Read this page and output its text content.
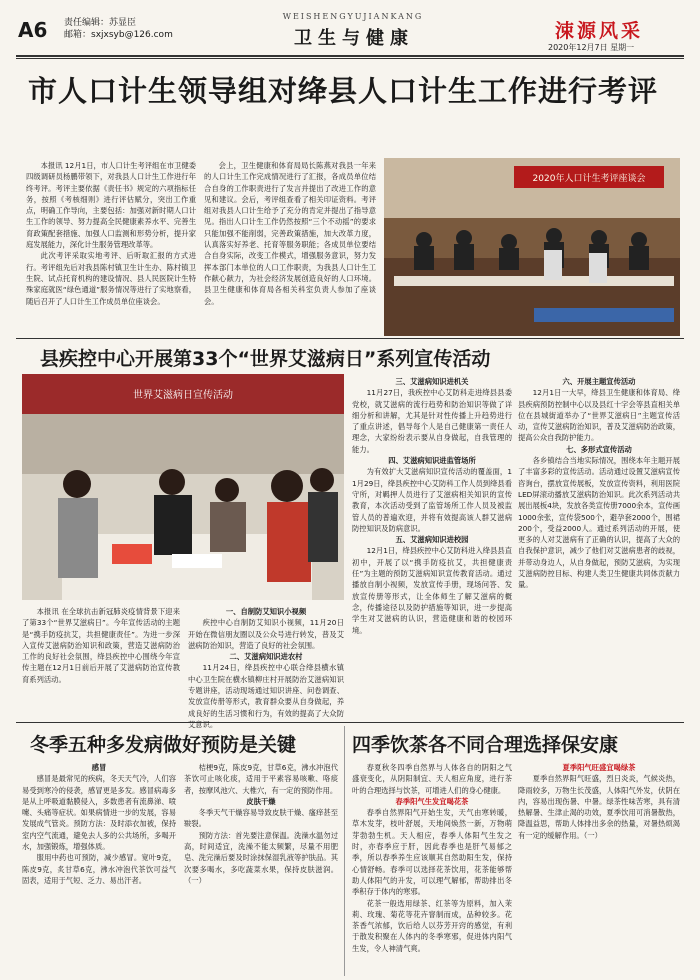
A6 责任编辑：苏显臣
邮箱：sxjxsyb@126.com
WEISHENGYUJIANKANG
卫生与健康	涑源风采
2020年12月7日 星期一
市人口计生领导组对绛县人口计生工作进行考评

本报讯 12月1日，市人口计生考评组在市卫健委四级调研员杨鹏带领下，对我县人口计生工作进行年终考评。考评主要依据《责任书》规定的六项指标任务，按照《考核细则》进行评估赋分，突出工作重点，明确工作导向，主要包括：加强对新时期人口计生工作的领导、努力提高全民健康素养水平、完善生育政策配套措施、加强人口监测和形势分析，提升家庭发展能力，深化计生服务管理改革等。

此次考评采取实地考评、后听取汇报的方式进行。考评组先后对我县陈村镇卫生计生办、陈村镇卫生院、试点托育机构的建设情况、县人民医院计生特殊家庭就医“绿色通道”服务情况等进行了实地察看，随后召开了人口计生工作成员单位座谈会。

会上，卫生健康和体育局局长陈燕对我县一年来的人口计生工作完成情况进行了汇报，各成员单位结合自身的工作职责进行了发言并提出了改进工作的意见和建议。会后，考评组查看了相关印证资料。考评组对我县人口计生给予了充分的肯定并提出了指导意见。指出人口计生工作仍然按照“三个不动摇”的要求只能加强不能削弱，完善政策措施，加大改革力度，认真落实好养老、托育等服务职能；各成员单位要结合自身实际，改变工作模式，增强服务意识，努力发挥本部门本单位的人口工作职责，为我县人口计生工作献心献力，为社会经济发展创造良好的人口环境。县卫生健康和体育局各相关科室负责人参加了座谈会。

2020年人口计生考评座谈会
县疾控中心开展第33个“世界艾滋病日”系列宣传活动
世界艾滋病日宣传活动

本报讯 在全球抗击新冠肺炎疫情背景下迎来了第33个“世界艾滋病日”。今年宣传活动的主题是“携手防疫抗艾，共担健康责任”。为进一步深入宣传艾滋病防治知识和政策，营造艾滋病防治工作的良好社会氛围，绛县疾控中心围绕今年宣传主题在12月1日前后开展了艾滋病防治宣传教育系列活动。

一、自制防艾知识小视频

疾控中心自制防艾知识小视频，11月20日开始在微信朋友圈以及公众号进行转发，普及艾滋病防治知识，营造了良好的社会氛围。

二、艾滋病知识进农村

11月24日，绛县疾控中心联合绛县横水镇中心卫生院在横水镇柳庄村开展防治艾滋病知识专题讲座，活动现场通过知识讲座、问卷调查、发放宣传册等形式，教育群众要从自身做起，养成良好的生活习惯和行为，有效的提高了大众防艾意识。

三、艾滋病知识进机关

11月27日，我疾控中心艾防科走进绛县县委党校，就艾滋病的流行趋势和防治知识等做了详细分析和讲解，尤其是针对性传播上升趋势进行了重点讲述，倡导每个人是自己健康第一责任人理念，大家纷纷表示要从自身做起，自我管理的能力。

四、艾滋病知识进监管场所

为有效扩大艾滋病知识宣传活动的覆盖面，11月29日，绛县疾控中心艾防科工作人员到绛县看守所，对羁押人员进行了艾滋病相关知识的宣传教育，本次活动受到了监管场所工作人员及被监管人员的普遍欢迎，并将有效提高该人群艾滋病防控知识及防病意识。

五、艾滋病知识进校园

12月1日，绛县疾控中心艾防科进入绛县县直初中，开展了以“携手防疫抗艾，共担健康责任”为主题的预防艾滋病知识宣传教育活动。通过播放自制小视频，发放宣传手册，现场问答、发放宣传册等形式，让全体师生了解艾滋病的概念，传播途径以及防护措施等知识，进一步提高学生对艾滋病的认识，营造健康和谐的校园环境。

六、开展主题宣传活动

12月1日一大早，绛县卫生健康和体育局、绛县疾病预防控制中心以及县红十字会等县直相关单位在县城街道举办了“世界艾滋病日”主题宣传活动，宣传艾滋病防治知识，普及艾滋病防治政策，提高公众自我防护能力。

七、多形式宣传活动

各乡镇结合当地实际情况，围绕本年主题开展了丰富多彩的宣传活动。活动通过设置艾滋病宣传咨询台，摆放宣传展板，发放宣传资料，利用医院LED屏滚动播放艾滋病防治知识。此次系列活动共展出展板4块，发放各类宣传册7000余本，宣传画1000余张，宣传袋500个，避孕套2000个，围裙200个，受益2000人。通过系列活动的开展，使更多的人对艾滋病有了正确的认识，提高了大众的自我保护意识，减少了他们对艾滋病患者的歧视，并带动身边人，从自身做起，预防艾滋病，为实现艾滋病防控目标、构建人类卫生健康共同体贡献力量。

冬季五种多发病做好预防是关键

感冒

感冒是最常见的疾病，冬天天气冷，人们容易受到寒冷的侵袭，感冒更是多发。感冒病毒多是从上呼吸道黏膜侵入，多数患者有流鼻涕、喷嚏、头痛等症状。如果病情进一步的发展，容易发展成气管炎。预防方法：及时添衣加被，保持室内空气流通，避免去人多的公共场所，多喝开水，加强锻炼，增强体质。

服用中药也可预防，减少感冒。宽叶9克，陈皮9克，炙甘草6克，沸水冲泡代茶饮可益气固表，适用于气短、乏力、易出汗者。

桔梗9克，陈皮9克，甘草6克，沸水冲泡代茶饮可止咳化痰，适用于平素容易咳嗽、咯痰者，按摩风池穴、大椎穴，有一定的预防作用。

皮肤干燥

冬季天气干燥容易导致皮肤干燥、瘙痒甚至皲裂。

预防方法：首先要注意保温。洗澡水温勿过高，时间适宜，洗澡不能太频繁，尽量不用肥皂、洗完澡后要及时涂抹保湿乳液等护肤品。其次要多喝水，多吃蔬菜水果，保持皮肤滋润。（一）

四季饮茶各不同合理选择保安康

春夏秋冬四季自然界与人体各自的阴阳之气盛衰变化，从阴阳制宜、天人相应角度，进行茶叶的合理选择与饮茶，可增进人们的身心健康。

春季阳气生发宜喝花茶

春季自然界阳气开始生发，天气由寒转暖，草木发芽，枝叶舒展，天地间焕然一新，万物萌芽勃勃生机。天人相应，春季人体阳气生发之时，亦春季应于肝，因此春季也是肝气易郁之季，所以春季养生应该顺其自然助阳生发，保持心情舒畅。春季可以选择花茶饮用，花茶能够帮助人体阳气的升发，可以理气解郁，帮助排出冬季积存于体内的寒邪。

花茶一般选用绿茶、红茶等为原料，加入茉莉、玫瑰、菊花等花卉窨制而成，品种较多。花茶香气浓郁，饮后给人以芬芳开窍的感觉，有利于散发积聚在人体内的冬季寒邪，促进体内阳气生发，令人神清气爽。

夏季阳气旺盛宜喝绿茶

夏季自然界阳气旺盛，烈日炎炎，气候炎热，降雨较多，万物生长茂盛，人体阳气外发，伏阴在内，容易出现伤暑、中暑。绿茶性味苦寒，具有清热解暑、生津止渴的功效，夏季饮用可消暑散热，降温益思，帮助人体排出多余的热量，对暑热烦渴有一定的缓解作用。（一）
